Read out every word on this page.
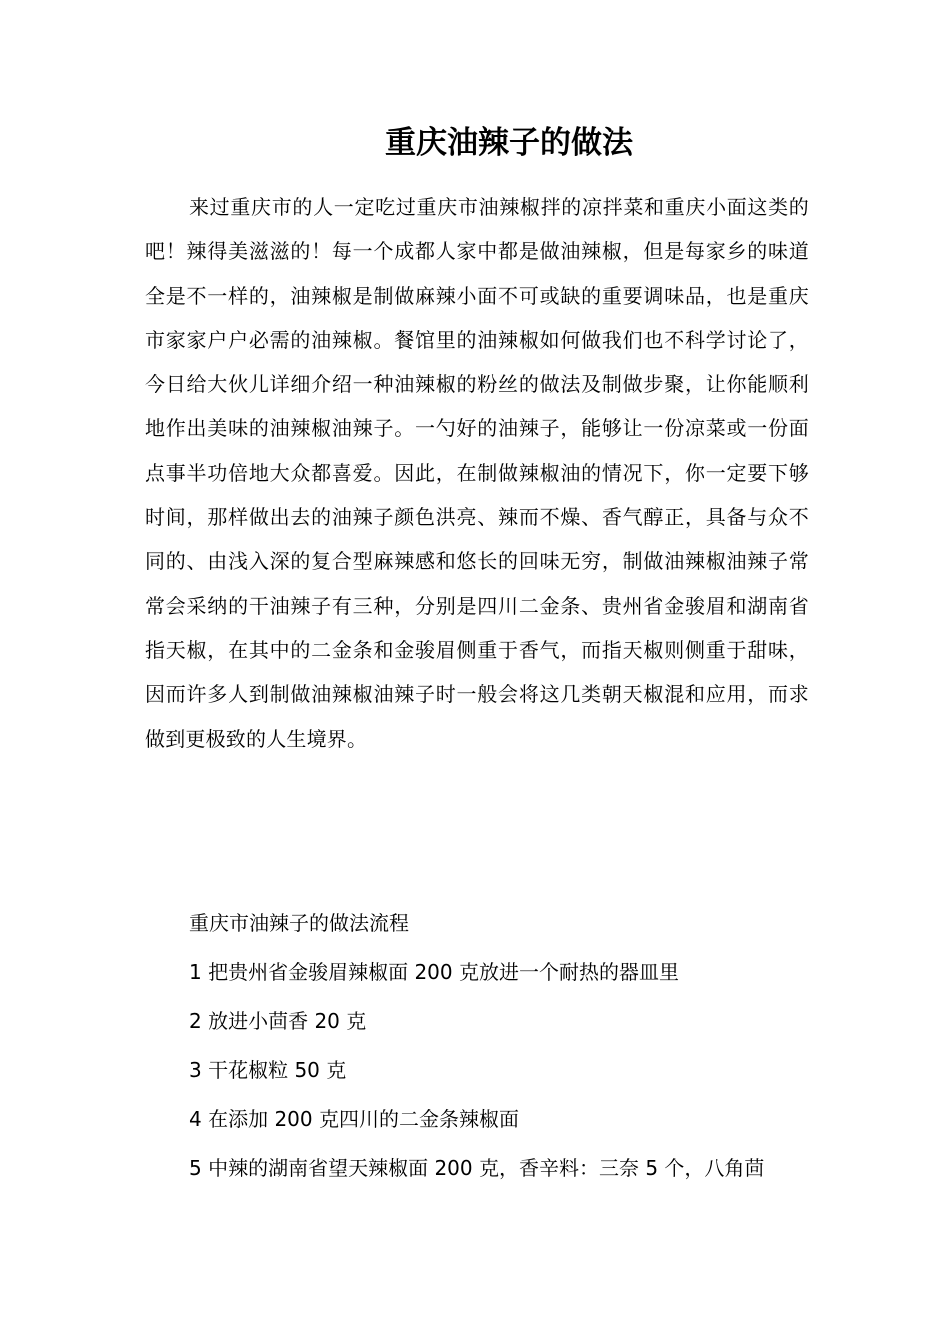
重庆油辣子的做法

来过重庆市的人一定吃过重庆市油辣椒拌的凉拌菜和重庆小面这类的吧！辣得美滋滋的！每一个成都人家中都是做油辣椒，但是每家乡的味道全是不一样的，油辣椒是制做麻辣小面不可或缺的重要调味品，也是重庆市家家户户必需的油辣椒。餐馆里的油辣椒如何做我们也不科学讨论了，今日给大伙儿详细介绍一种油辣椒的粉丝的做法及制做步聚，让你能顺利地作出美味的油辣椒油辣子。一勺好的油辣子，能够让一份凉菜或一份面点事半功倍地大众都喜爱。因此，在制做辣椒油的情况下，你一定要下够时间，那样做出去的油辣子颜色洪亮、辣而不燥、香气醇正，具备与众不同的、由浅入深的复合型麻辣感和悠长的回味无穷，制做油辣椒油辣子常常会采纳的干油辣子有三种，分别是四川二金条、贵州省金骏眉和湖南省指天椒，在其中的二金条和金骏眉侧重于香气，而指天椒则侧重于甜味，因而许多人到制做油辣椒油辣子时一般会将这几类朝天椒混和应用，而求做到更极致的人生境界。

重庆市油辣子的做法流程
1 把贵州省金骏眉辣椒面 200 克放进一个耐热的器皿里
2 放进小茴香 20 克
3 干花椒粒 50 克
4 在添加 200 克四川的二金条辣椒面
5 中辣的湖南省望天辣椒面 200 克，香辛料：三奈 5 个，八角茴
